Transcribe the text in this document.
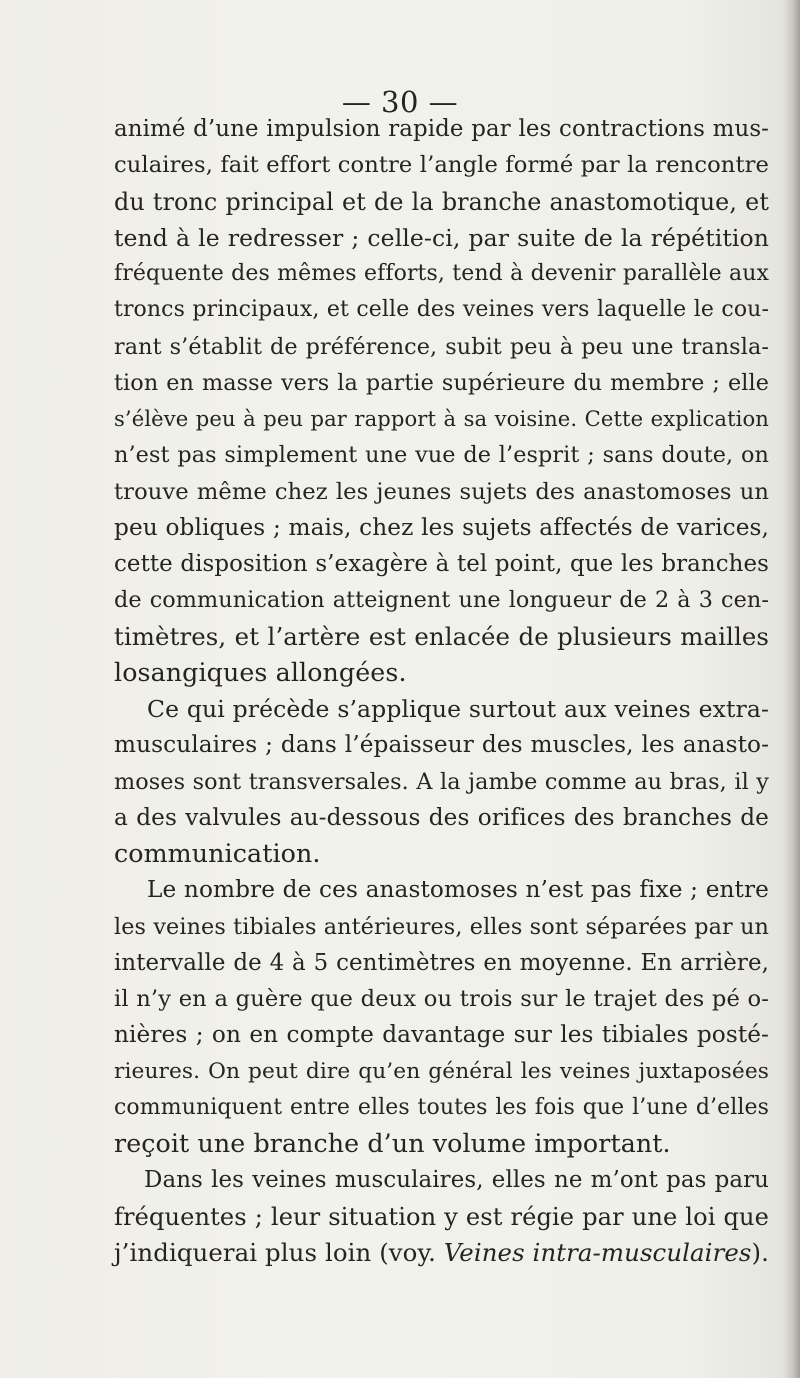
— 30 —
animé d’une impulsion rapide par les contractions mus-
culaires, fait effort contre l’angle formé par la rencontre
du tronc principal et de la branche anastomotique, et
tend à le redresser ; celle-ci, par suite de la répétition
fréquente des mêmes efforts, tend à devenir parallèle aux
troncs principaux, et celle des veines vers laquelle le cou-
rant s’établit de préférence, subit peu à peu une transla-
tion en masse vers la partie supérieure du membre ; elle
s’élève peu à peu par rapport à sa voisine. Cette explication
n’est pas simplement une vue de l’esprit ; sans doute, on
trouve même chez les jeunes sujets des anastomoses un
peu obliques ; mais, chez les sujets affectés de varices,
cette disposition s’exagère à tel point, que les branches
de communication atteignent une longueur de 2 à 3 cen-
timètres, et l’artère est enlacée de plusieurs mailles
losangiques allongées.
Ce qui précède s’applique surtout aux veines extra-
musculaires ; dans l’épaisseur des muscles, les anasto-
moses sont transversales. A la jambe comme au bras, il y
a des valvules au-dessous des orifices des branches de
communication.
Le nombre de ces anastomoses n’est pas fixe ; entre
les veines tibiales antérieures, elles sont séparées par un
intervalle de 4 à 5 centimètres en moyenne. En arrière,
il n’y en a guère que deux ou trois sur le trajet des pé o-
nières ; on en compte davantage sur les tibiales posté-
rieures. On peut dire qu’en général les veines juxtaposées
communiquent entre elles toutes les fois que l’une d’elles
reçoit une branche d’un volume important.
Dans les veines musculaires, elles ne m’ont pas paru
fréquentes ; leur situation y est régie par une loi que
j’indiquerai plus loin (voy. Veines intra-musculaires).
